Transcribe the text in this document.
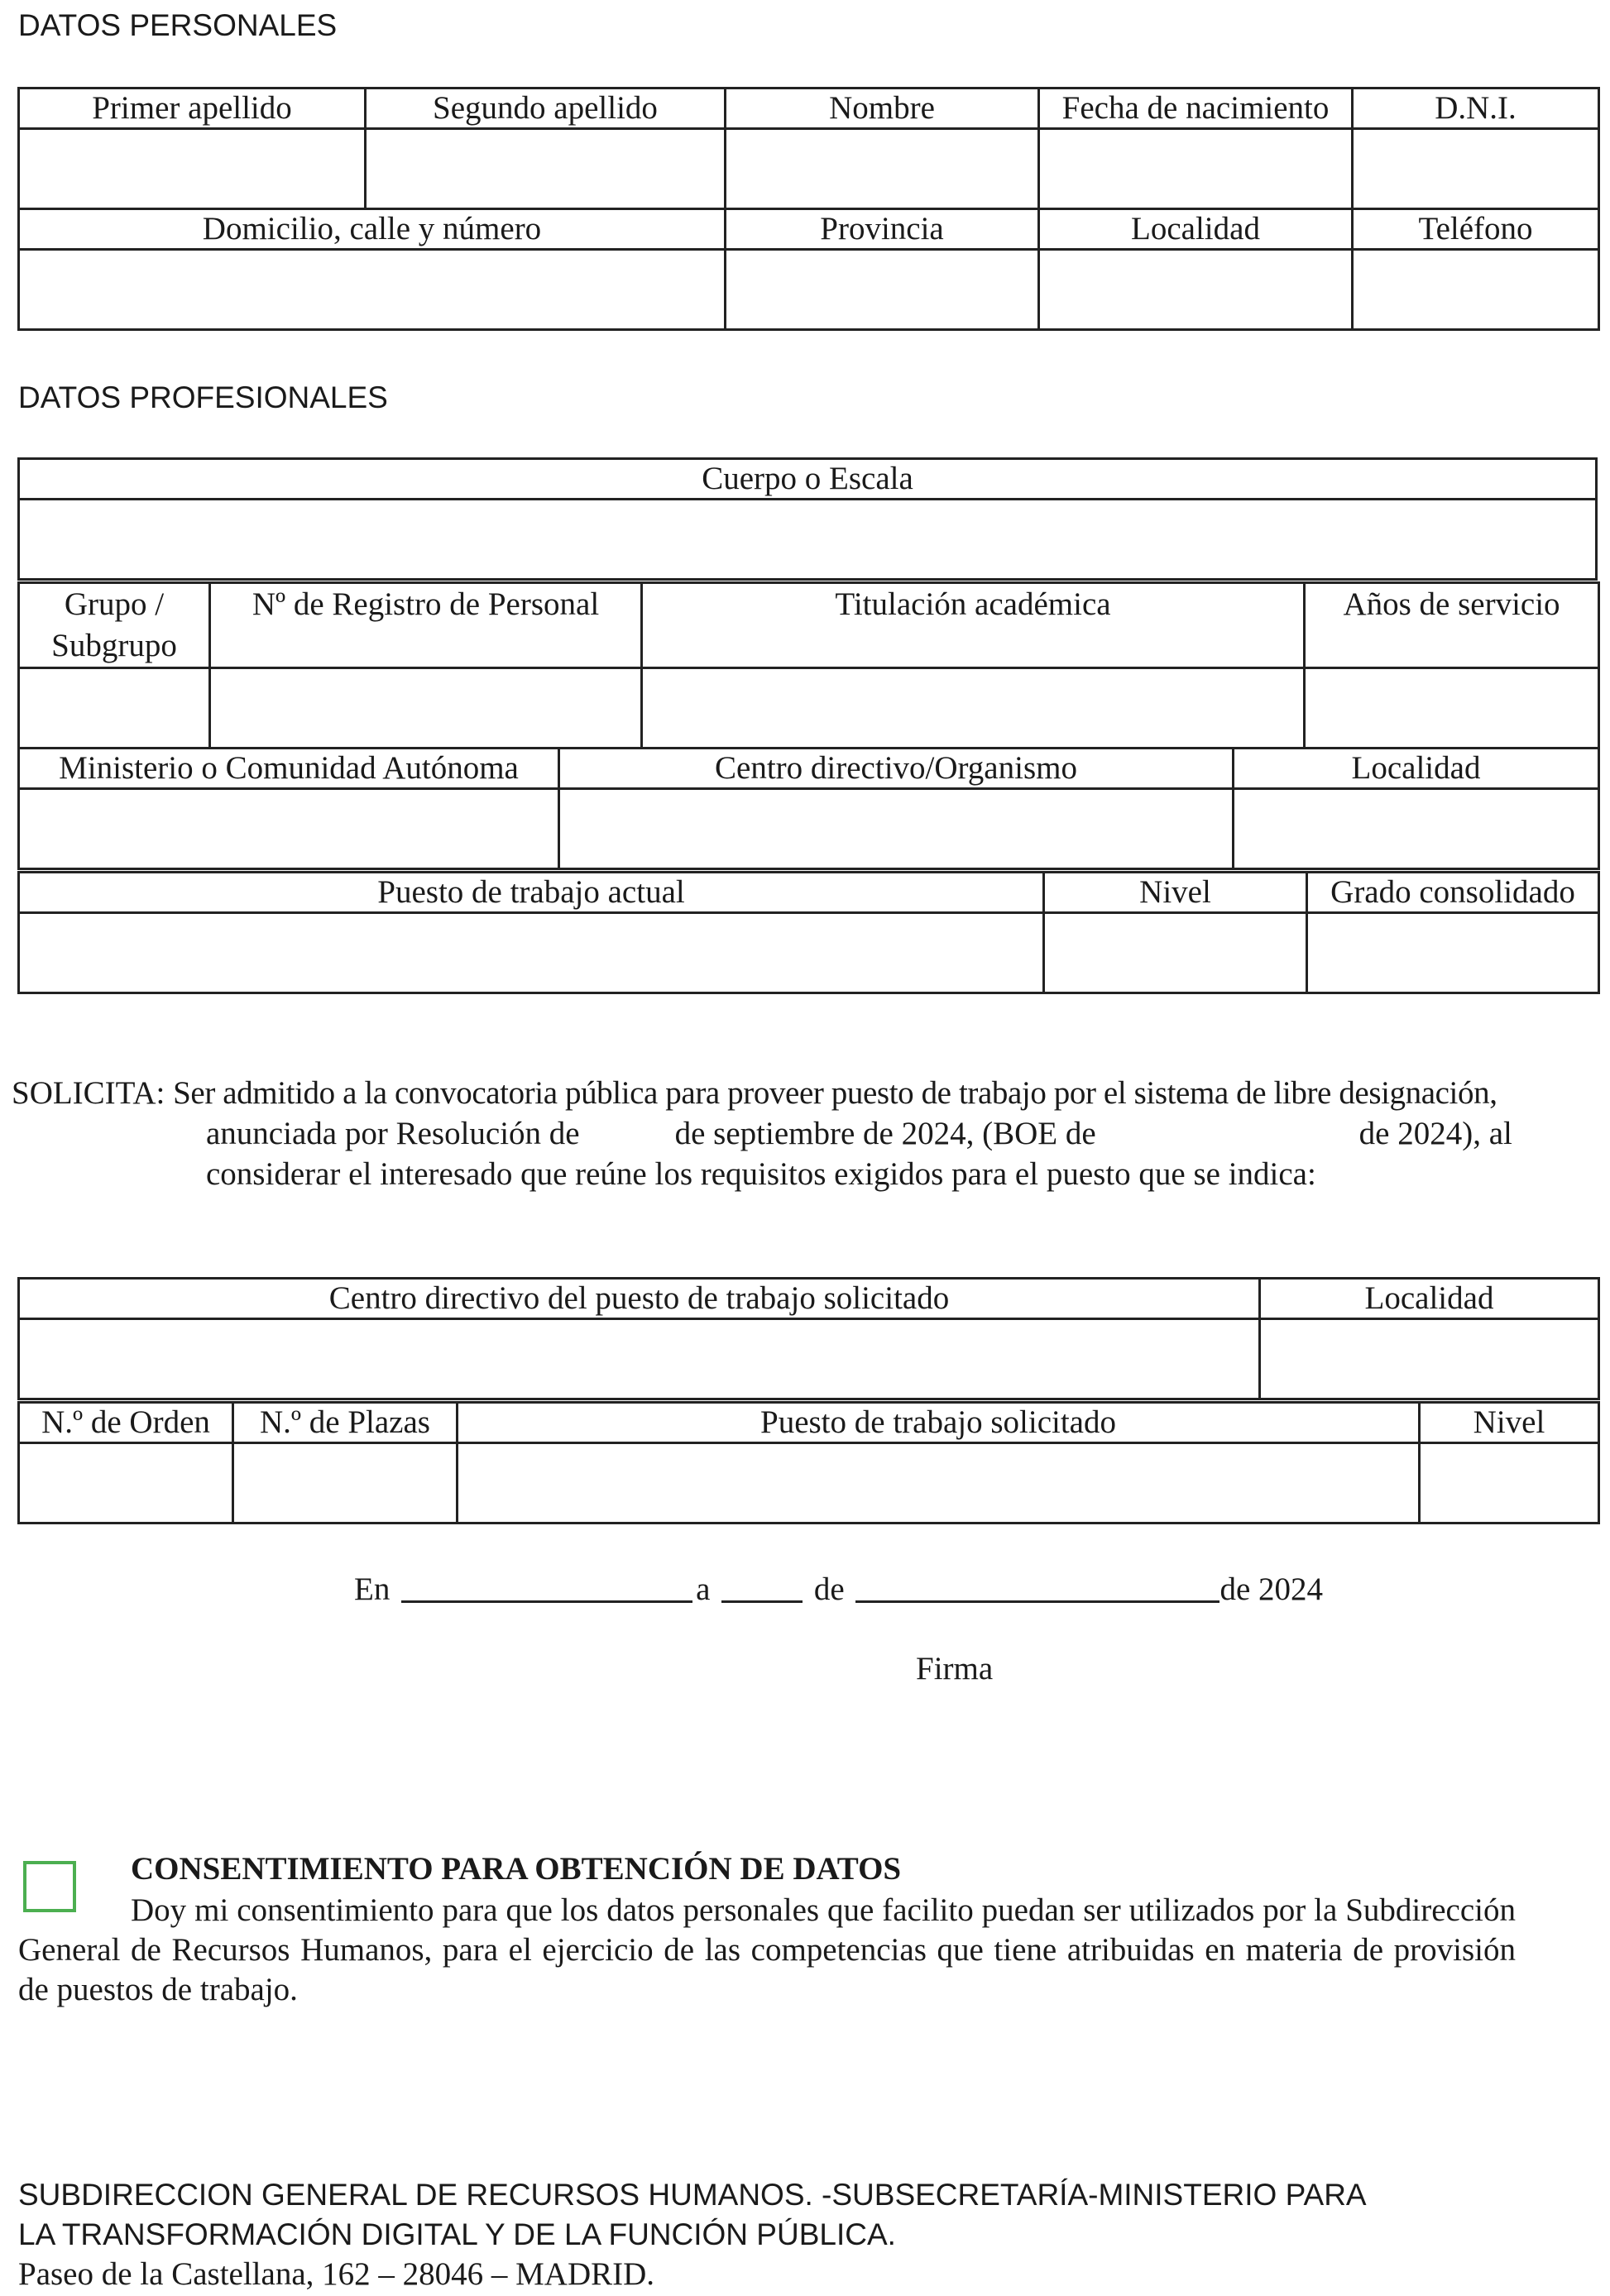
DATOS PERSONALES
Primer apellido	Segundo apellido	Nombre	Fecha de nacimiento	D.N.I.

Domicilio, calle y número		Provincia	Localidad	Teléfono

DATOS PROFESIONALES
Cuerpo o Escala

Grupo / Subgrupo	Nº de Registro de Personal	Titulación académica	Años de servicio

Ministerio o Comunidad Autónoma	Centro directivo/Organismo	Localidad

Puesto de trabajo actual	Nivel	Grado consolidado

SOLICITA: Ser admitido a la convocatoria pública para proveer puesto de trabajo por el sistema de libre designación,
anunciada por Resolución de	de septiembre de 2024, (BOE de	de 2024), al
considerar el interesado que reúne los requisitos exigidos para el puesto que se indica:
Centro directivo del puesto de trabajo solicitado	Localidad

N.º de Orden	N.º de Plazas	Puesto de trabajo solicitado	Nivel

En	a	de	de 2024
Firma
CONSENTIMIENTO PARA OBTENCIÓN DE DATOS
Doy mi consentimiento para que los datos personales que facilito puedan ser utilizados por la Subdirección General de Recursos Humanos, para el ejercicio de las competencias que tiene atribuidas en materia de provisión de puestos de trabajo.
SUBDIRECCION GENERAL DE RECURSOS HUMANOS. -SUBSECRETARÍA-MINISTERIO PARA
LA TRANSFORMACIÓN DIGITAL Y DE LA FUNCIÓN PÚBLICA.
Paseo de la Castellana, 162 – 28046 – MADRID.
